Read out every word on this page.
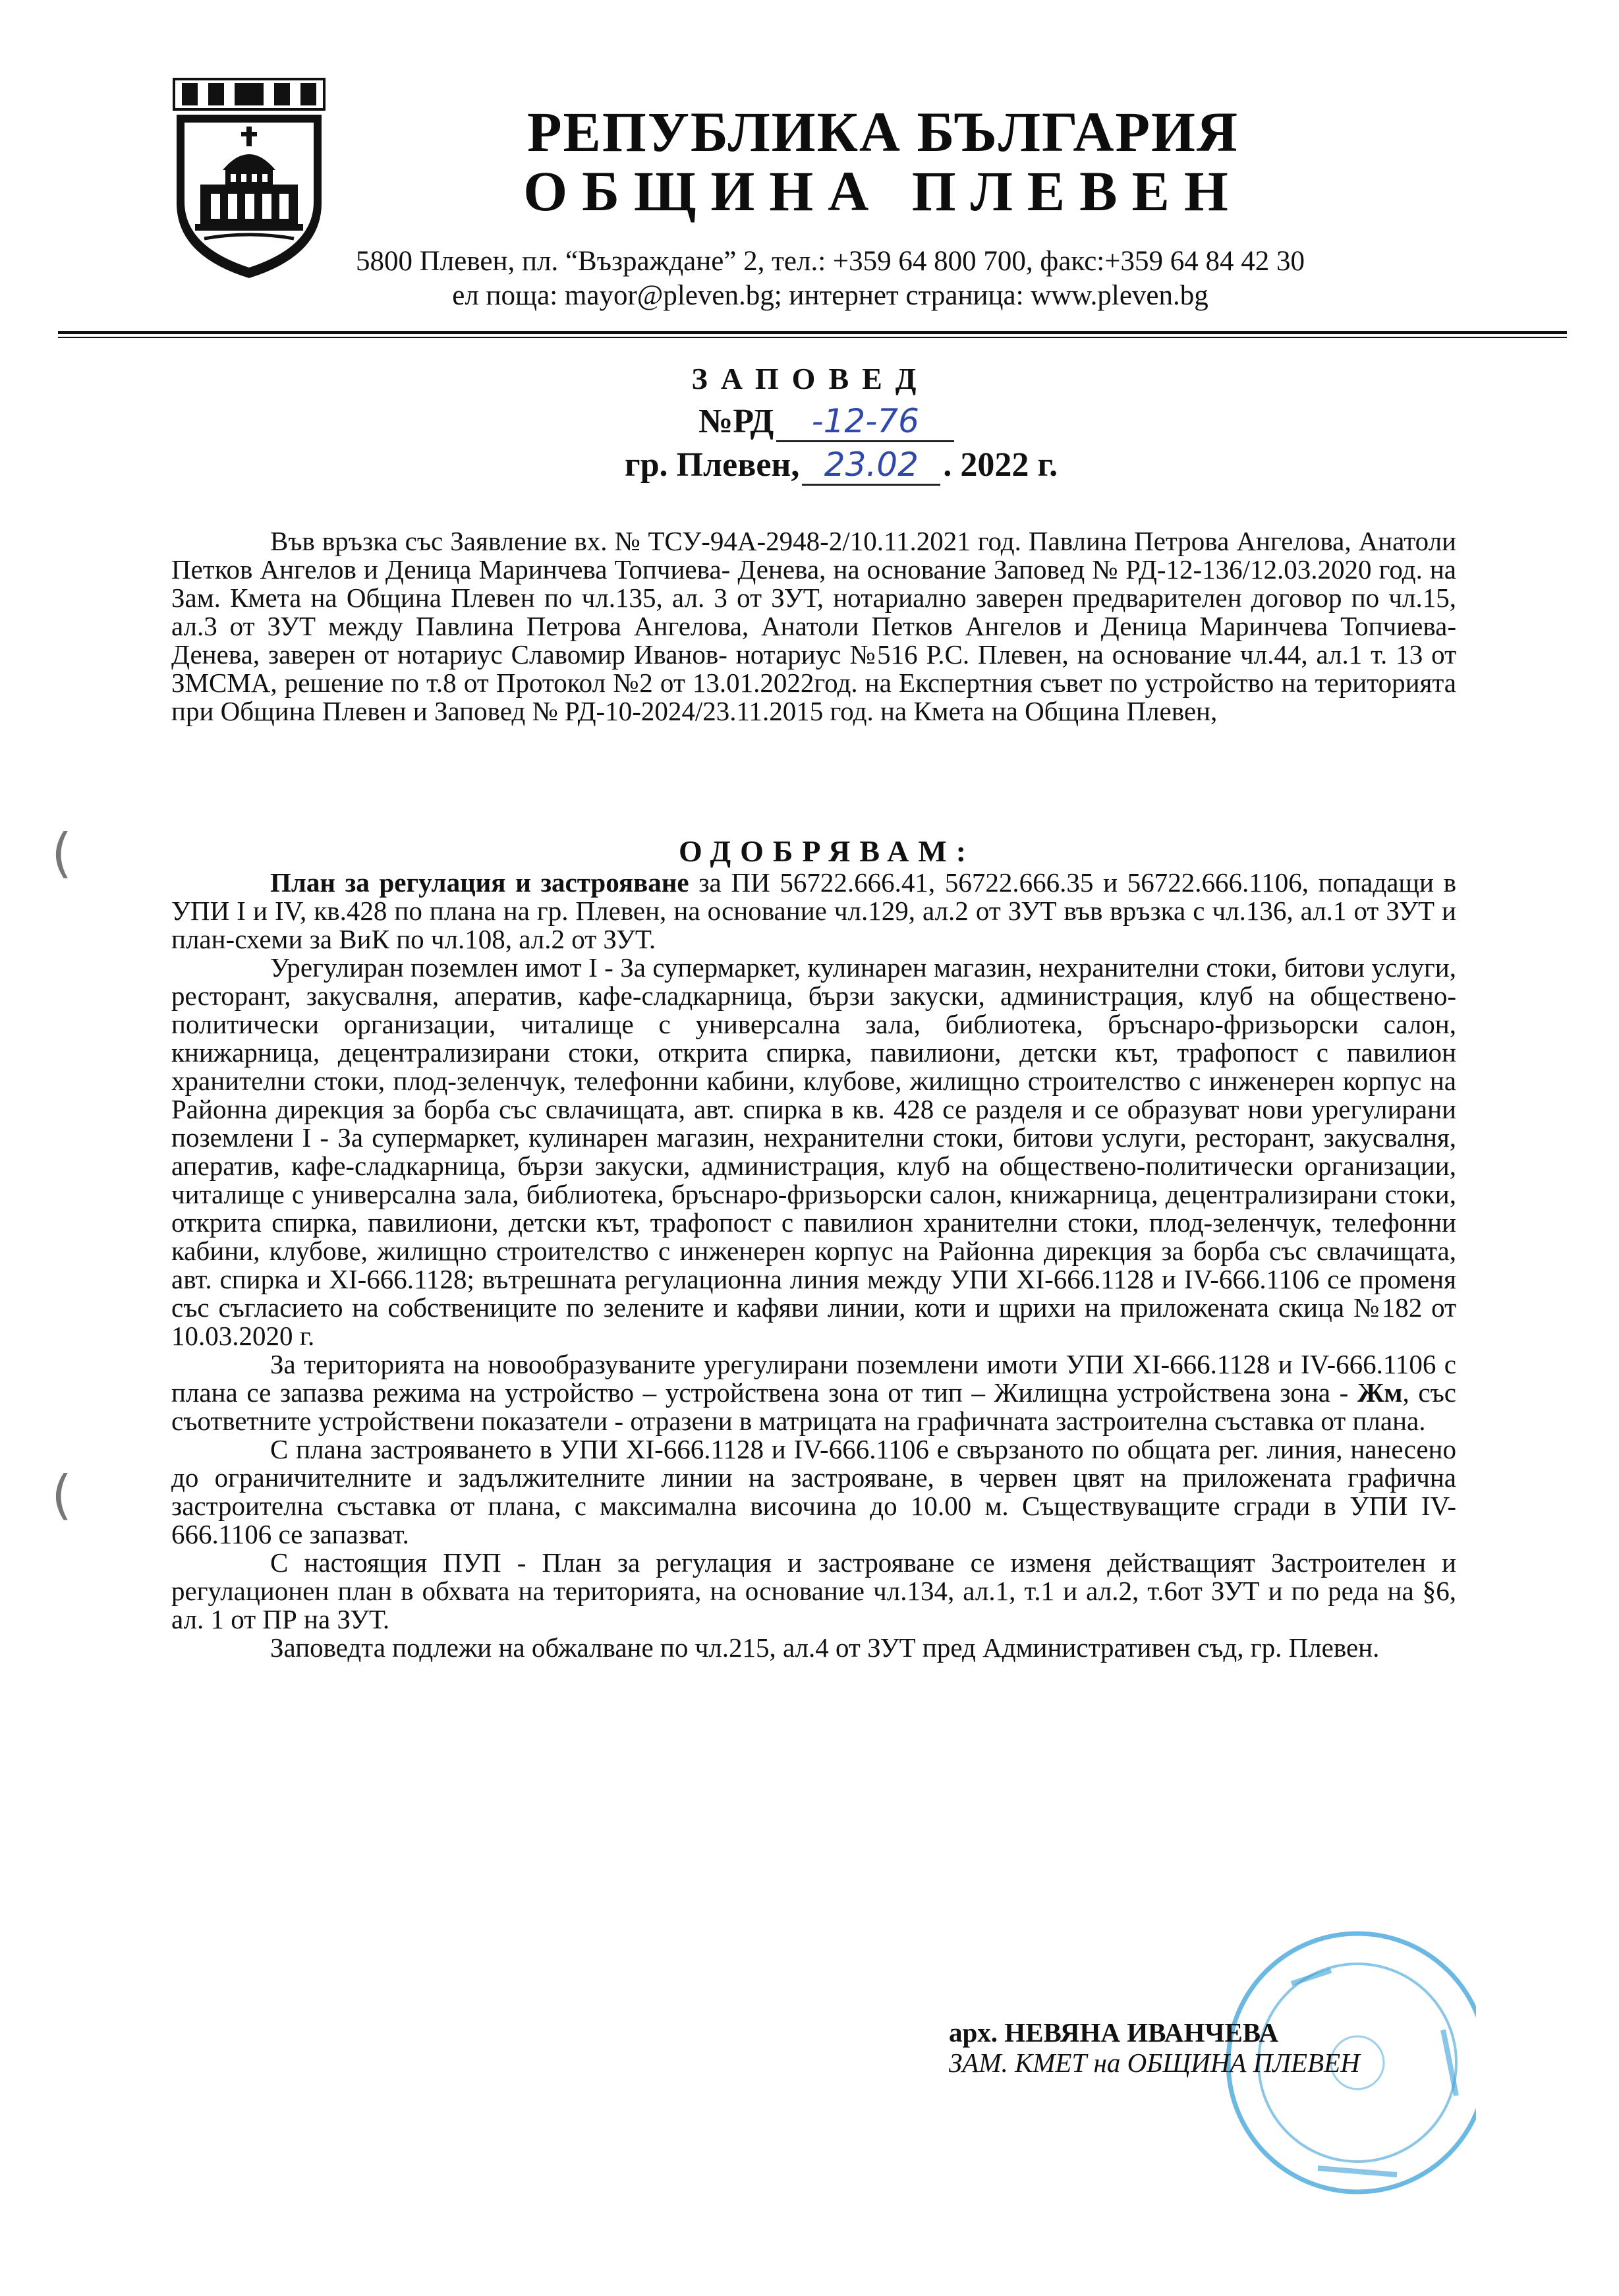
РЕПУБЛИКА БЪЛГАРИЯ
ОБЩИНА ПЛЕВЕН
5800 Плевен, пл. “Възраждане” 2, тел.: +359 64 800 700, факс:+359 64 84 42 30
ел поща: mayor@pleven.bg; интернет страница: www.pleven.bg
ЗАПОВЕД
№РД -12-76
гр. Плевен, 23.02 . 2022 г.

Във връзка със Заявление вх. № ТСУ-94А-2948-2/10.11.2021 год. Павлина Петрова Ангелова, Анатоли Петков Ангелов и Деница Маринчева Топчиева- Денева, на основание Заповед № РД-12-136/12.03.2020 год. на Зам. Кмета на Община Плевен по чл.135, ал. 3 от ЗУТ, нотариално заверен предварителен договор по чл.15, ал.3 от ЗУТ между Павлина Петрова Ангелова, Анатоли Петков Ангелов и Деница Маринчева Топчиева- Денева, заверен от нотариус Славомир Иванов- нотариус №516 Р.С. Плевен, на основание чл.44, ал.1 т. 13 от ЗМСМА, решение по т.8 от Протокол №2 от 13.01.2022год. на Експертния съвет по устройство на територията при Община Плевен и Заповед № РД-10-2024/23.11.2015 год. на Кмета на Община Плевен,

ОДОБРЯВАМ:

План за регулация и застрояване за ПИ 56722.666.41, 56722.666.35 и 56722.666.1106, попадащи в УПИ I и IV, кв.428 по плана на гр. Плевен, на основание чл.129, ал.2 от ЗУТ във връзка с чл.136, ал.1 от ЗУТ и план-схеми за ВиК по чл.108, ал.2 от ЗУТ.

Урегулиран поземлен имот I - За супермаркет, кулинарен магазин, нехранителни стоки, битови услуги, ресторант, закусвалня, аператив, кафе-сладкарница, бързи закуски, администрация, клуб на обществено-политически организации, читалище с универсална зала, библиотека, бръснаро-фризьорски салон, книжарница, децентрализирани стоки, открита спирка, павилиони, детски кът, трафопост с павилион хранителни стоки, плод-зеленчук, телефонни кабини, клубове, жилищно строителство с инженерен корпус на Районна дирекция за борба със свлачищата, авт. спирка в кв. 428 се разделя и се образуват нови урегулирани поземлени I - За супермаркет, кулинарен магазин, нехранителни стоки, битови услуги, ресторант, закусвалня, аператив, кафе-сладкарница, бързи закуски, администрация, клуб на обществено-политически организации, читалище с универсална зала, библиотека, бръснаро-фризьорски салон, книжарница, децентрализирани стоки, открита спирка, павилиони, детски кът, трафопост с павилион хранителни стоки, плод-зеленчук, телефонни кабини, клубове, жилищно строителство с инженерен корпус на Районна дирекция за борба със свлачищата, авт. спирка и XI-666.1128; вътрешната регулационна линия между УПИ XI-666.1128 и IV-666.1106 се променя със съгласието на собствениците по зелените и кафяви линии, коти и щрихи на приложената скица №182 от 10.03.2020 г.

За територията на новообразуваните урегулирани поземлени имоти УПИ XI-666.1128 и IV-666.1106 с плана се запазва режима на устройство – устройствена зона от тип – Жилищна устройствена зона - Жм, със съответните устройствени показатели - отразени в матрицата на графичната застроителна съставка от плана.

С плана застрояването в УПИ XI-666.1128 и IV-666.1106 е свързаното по общата рег. линия, нанесено до ограничителните и задължителните линии на застрояване, в червен цвят на приложената графична застроителна съставка от плана, с максимална височина до 10.00 м. Съществуващите сгради в УПИ IV-666.1106 се запазват.

С настоящия ПУП - План за регулация и застрояване се изменя действащият Застроителен и регулационен план в обхвата на територията, на основание чл.134, ал.1, т.1 и ал.2, т.6от ЗУТ и по реда на §6, ал. 1 от ПР на ЗУТ.

Заповедта подлежи на обжалване по чл.215, ал.4 от ЗУТ пред Административен съд, гр. Плевен.

арх. НЕВЯНА ИВАНЧЕВА
ЗАМ. КМЕТ на ОБЩИНА ПЛЕВЕН
(
(
